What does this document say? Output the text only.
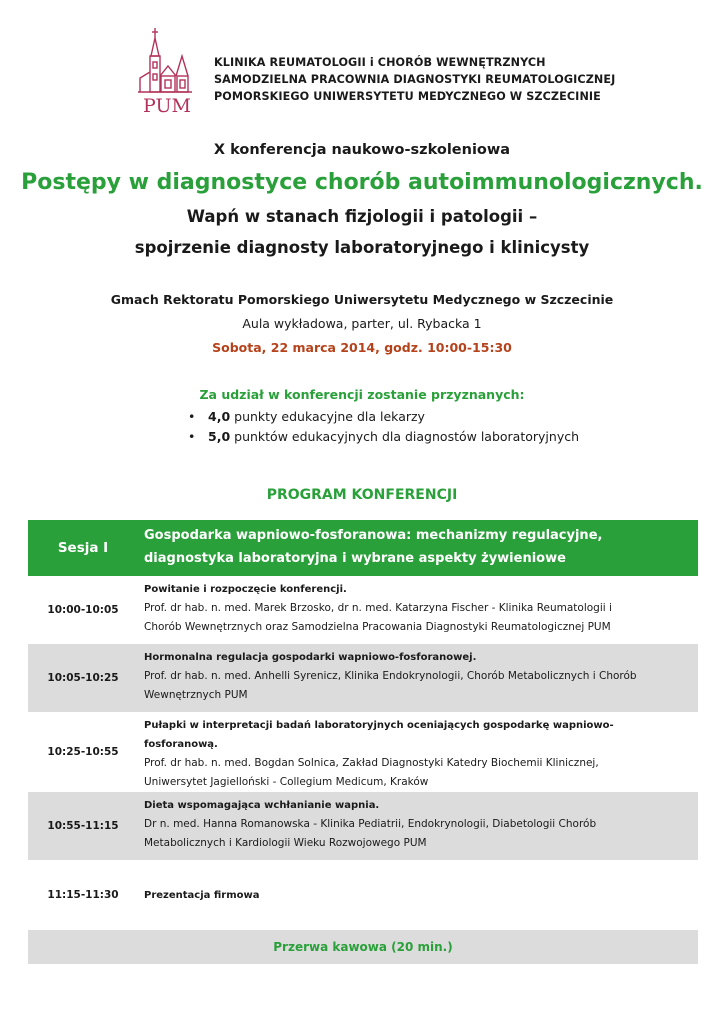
PUM
KLINIKA REUMATOLOGII i CHORÓB WEWNĘTRZNYCH
SAMODZIELNA PRACOWNIA DIAGNOSTYKI REUMATOLOGICZNEJ
POMORSKIEGO UNIWERSYTETU MEDYCZNEGO W SZCZECINIE
X konferencja naukowo-szkoleniowa
Postępy w diagnostyce chorób autoimmunologicznych.
Wapń w stanach fizjologii i patologii –
spojrzenie diagnosty laboratoryjnego i klinicysty
Gmach Rektoratu Pomorskiego Uniwersytetu Medycznego w Szczecinie
Aula wykładowa, parter, ul. Rybacka 1
Sobota, 22 marca 2014, godz. 10:00-15:30
Za udział w konferencji zostanie przyznanych:
• 4,0 punkty edukacyjne dla lekarzy
• 5,0 punktów edukacyjnych dla diagnostów laboratoryjnych
PROGRAM KONFERENCJI
Sesja I
Gospodarka wapniowo-fosforanowa: mechanizmy regulacyjne,
diagnostyka laboratoryjna i wybrane aspekty żywieniowe
10:00-10:05
Powitanie i rozpoczęcie konferencji.
Prof. dr hab. n. med. Marek Brzosko, dr n. med. Katarzyna Fischer - Klinika Reumatologii i
Chorób Wewnętrznych oraz Samodzielna Pracowania Diagnostyki Reumatologicznej PUM
10:05-10:25
Hormonalna regulacja gospodarki wapniowo-fosforanowej.
Prof. dr hab. n. med. Anhelli Syrenicz, Klinika Endokrynologii, Chorób Metabolicznych i Chorób
Wewnętrznych PUM
10:25-10:55
Pułapki w interpretacji badań laboratoryjnych oceniających gospodarkę wapniowo-
fosforanową.
Prof. dr hab. n. med. Bogdan Solnica, Zakład Diagnostyki Katedry Biochemii Klinicznej,
Uniwersytet Jagielloński - Collegium Medicum, Kraków
10:55-11:15
Dieta wspomagająca wchłanianie wapnia.
Dr n. med. Hanna Romanowska - Klinika Pediatrii, Endokrynologii, Diabetologii Chorób
Metabolicznych i Kardiologii Wieku Rozwojowego PUM
11:15-11:30	Prezentacja firmowa
Przerwa kawowa (20 min.)
